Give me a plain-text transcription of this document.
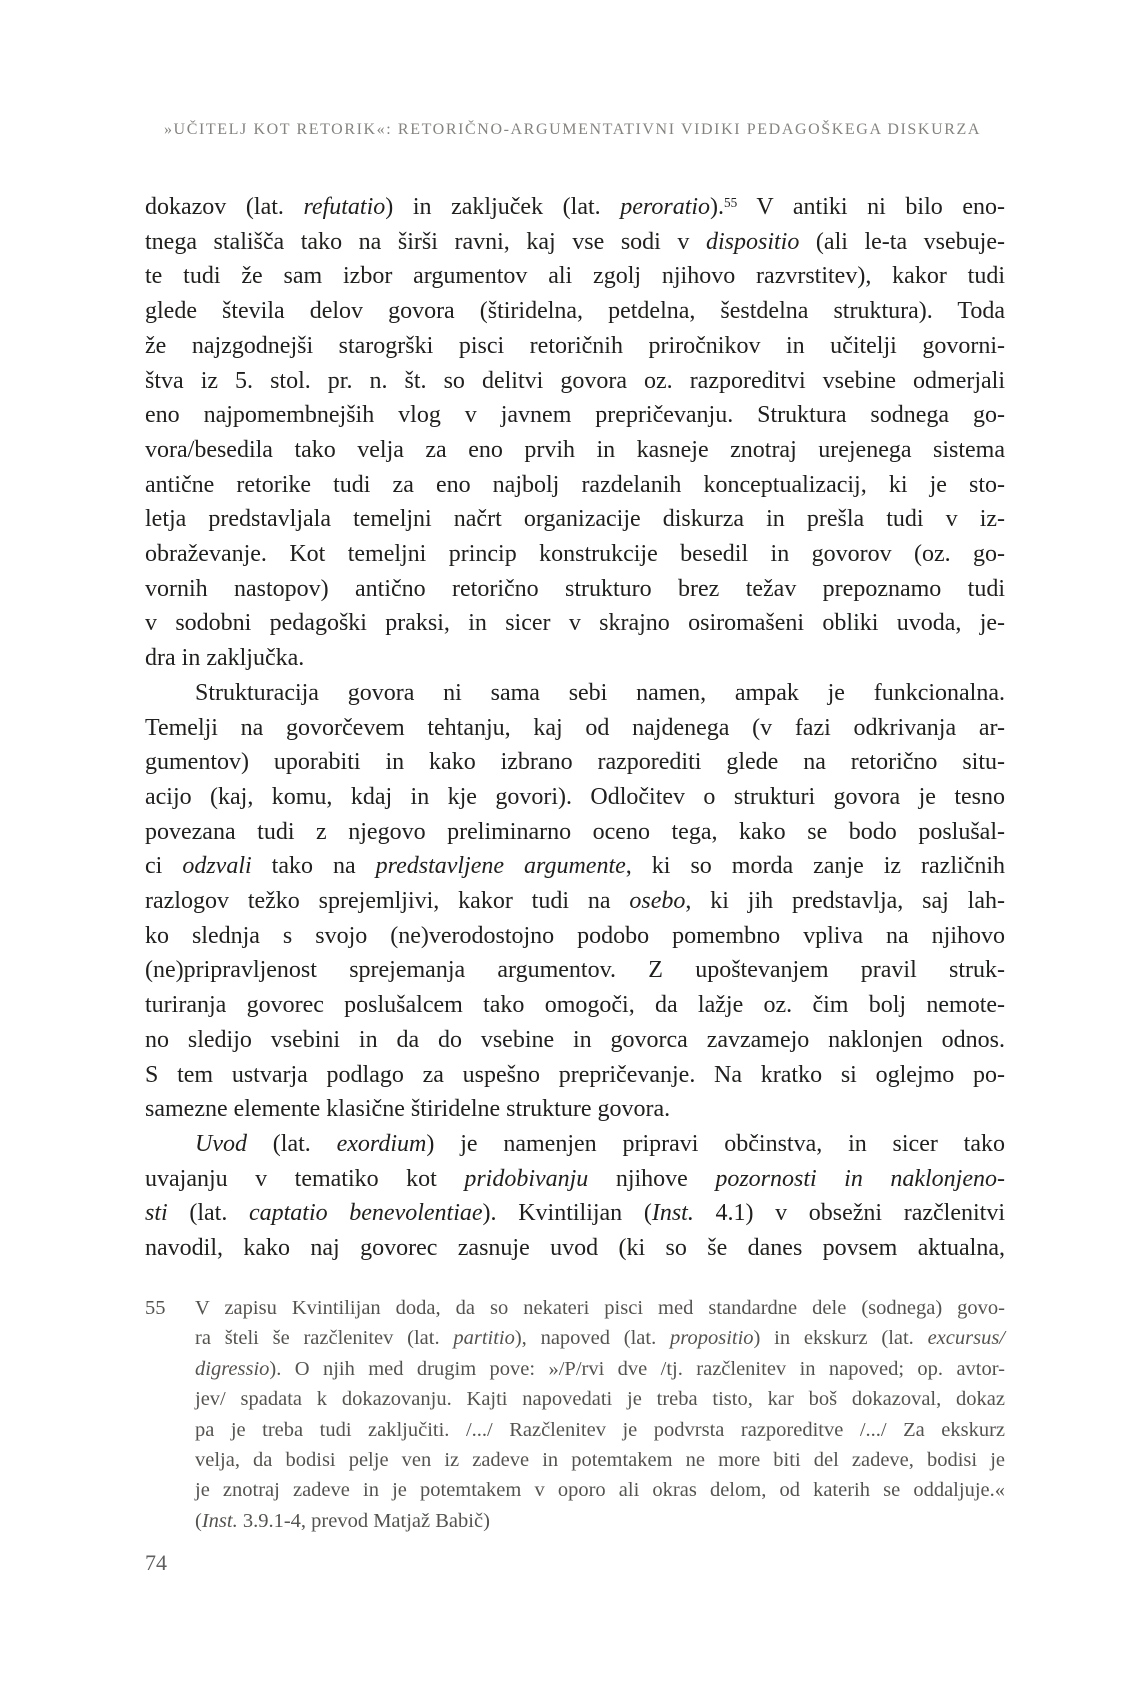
»UČITELJ KOT RETORIK«: RETORIČNO-ARGUMENTATIVNI VIDIKI PEDAGOŠKEGA DISKURZA
dokazov (lat. refutatio) in zaključek (lat. peroratio).$^{55}$ V antiki ni bilo eno-
tnega stališča tako na širši ravni, kaj vse sodi v dispositio (ali le-ta vsebuje-
te tudi že sam izbor argumentov ali zgolj njihovo razvrstitev), kakor tudi
glede števila delov govora (štiridelna, petdelna, šestdelna struktura). Toda
že najzgodnejši starogrški pisci retoričnih priročnikov in učitelji govorni-
štva iz 5. stol. pr. n. št. so delitvi govora oz. razporeditvi vsebine odmerjali
eno najpomembnejših vlog v javnem prepričevanju. Struktura sodnega go-
vora/besedila tako velja za eno prvih in kasneje znotraj urejenega sistema
antične retorike tudi za eno najbolj razdelanih konceptualizacij, ki je sto-
letja predstavljala temeljni načrt organizacije diskurza in prešla tudi v iz-
obraževanje. Kot temeljni princip konstrukcije besedil in govorov (oz. go-
vornih nastopov) antično retorično strukturo brez težav prepoznamo tudi
v sodobni pedagoški praksi, in sicer v skrajno osiromašeni obliki uvoda, je-
dra in zaključka.
Strukturacija govora ni sama sebi namen, ampak je funkcionalna.
Temelji na govorčevem tehtanju, kaj od najdenega (v fazi odkrivanja ar-
gumentov) uporabiti in kako izbrano razporediti glede na retorično situ-
acijo (kaj, komu, kdaj in kje govori). Odločitev o strukturi govora je tesno
povezana tudi z njegovo preliminarno oceno tega, kako se bodo poslušal-
ci odzvali tako na predstavljene argumente, ki so morda zanje iz različnih
razlogov težko sprejemljivi, kakor tudi na osebo, ki jih predstavlja, saj lah-
ko slednja s svojo (ne)verodostojno podobo pomembno vpliva na njihovo
(ne)pripravljenost sprejemanja argumentov. Z upoštevanjem pravil struk-
turiranja govorec poslušalcem tako omogoči, da lažje oz. čim bolj nemote-
no sledijo vsebini in da do vsebine in govorca zavzamejo naklonjen odnos.
S tem ustvarja podlago za uspešno prepričevanje. Na kratko si oglejmo po-
samezne elemente klasične štiridelne strukture govora.
Uvod (lat. exordium) je namenjen pripravi občinstva, in sicer tako
uvajanju v tematiko kot pridobivanju njihove pozornosti in naklonjeno-
sti (lat. captatio benevolentiae). Kvintilijan (Inst. 4.1) v obsežni razčlenitvi
navodil, kako naj govorec zasnuje uvod (ki so še danes povsem aktualna,
55 V zapisu Kvintilijan doda, da so nekateri pisci med standardne dele (sodnega) govo-
ra šteli še razčlenitev (lat. partitio), napoved (lat. propositio) in ekskurz (lat. excursus/
digressio). O njih med drugim pove: »/P/rvi dve /tj. razčlenitev in napoved; op. avtor-
jev/ spadata k dokazovanju. Kajti napovedati je treba tisto, kar boš dokazoval, dokaz
pa je treba tudi zaključiti. /.../ Razčlenitev je podvrsta razporeditve /.../ Za ekskurz
velja, da bodisi pelje ven iz zadeve in potemtakem ne more biti del zadeve, bodisi je
je znotraj zadeve in je potemtakem v oporo ali okras delom, od katerih se oddaljuje.«
(Inst. 3.9.1-4, prevod Matjaž Babič)
74
